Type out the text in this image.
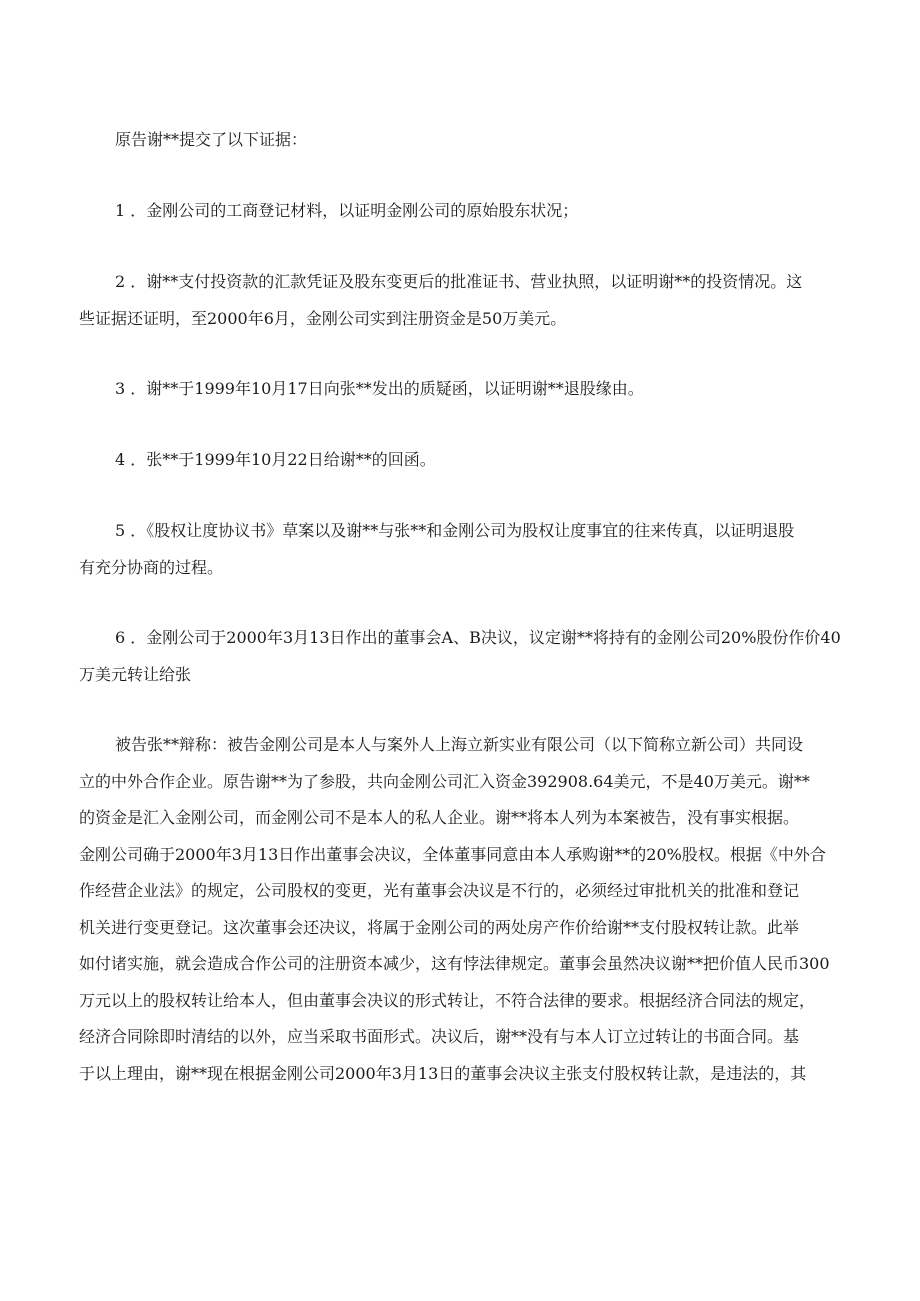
原告谢**提交了以下证据：

1 ．金刚公司的工商登记材料，以证明金刚公司的原始股东状况；

2 ．谢**支付投资款的汇款凭证及股东变更后的批准证书、营业执照，以证明谢**的投资情况。这
些证据还证明，至2000年6月，金刚公司实到注册资金是50万美元。

3 ．谢**于1999年10月17日向张**发出的质疑函，以证明谢**退股缘由。

4 ．张**于1999年10月22日给谢**的回函。

5 ．《股权让度协议书》草案以及谢**与张**和金刚公司为股权让度事宜的往来传真，以证明退股
有充分协商的过程。

6 ．金刚公司于2000年3月13日作出的董事会A、B决议，议定谢**将持有的金刚公司20%股份作价40
万美元转让给张

被告张**辩称：被告金刚公司是本人与案外人上海立新实业有限公司（以下简称立新公司）共同设
立的中外合作企业。原告谢**为了参股，共向金刚公司汇入资金392908.64美元，不是40万美元。谢**
的资金是汇入金刚公司，而金刚公司不是本人的私人企业。谢**将本人列为本案被告，没有事实根据。
金刚公司确于2000年3月13日作出董事会决议，全体董事同意由本人承购谢**的20%股权。根据《中外合
作经营企业法》的规定，公司股权的变更，光有董事会决议是不行的，必须经过审批机关的批准和登记
机关进行变更登记。这次董事会还决议，将属于金刚公司的两处房产作价给谢**支付股权转让款。此举
如付诸实施，就会造成合作公司的注册资本减少，这有悖法律规定。董事会虽然决议谢**把价值人民币300
万元以上的股权转让给本人，但由董事会决议的形式转让，不符合法律的要求。根据经济合同法的规定，
经济合同除即时清结的以外，应当采取书面形式。决议后，谢**没有与本人订立过转让的书面合同。基
于以上理由，谢**现在根据金刚公司2000年3月13日的董事会决议主张支付股权转让款，是违法的，其
